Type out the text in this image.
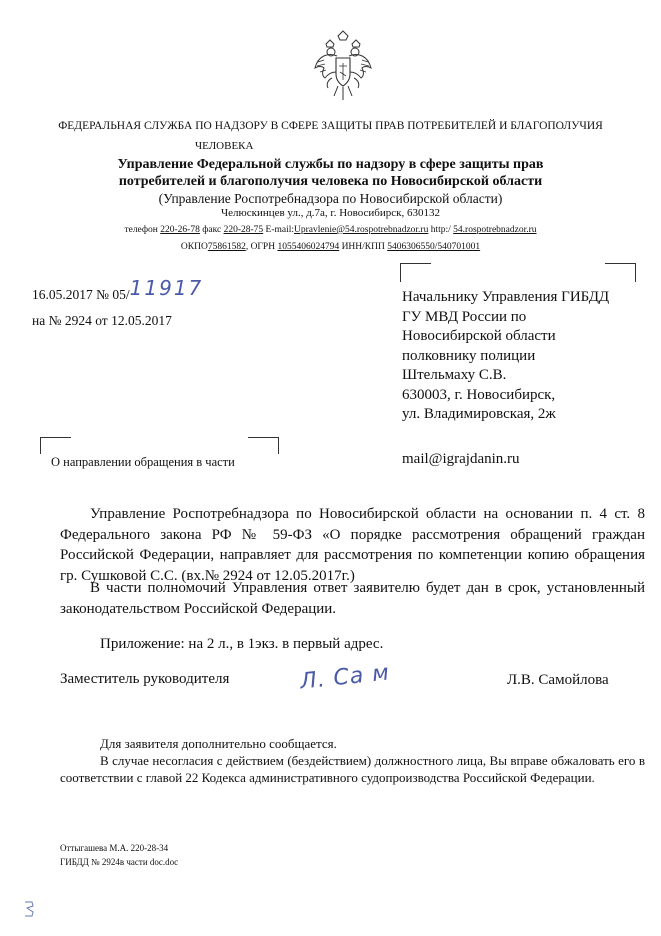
ФЕДЕРАЛЬНАЯ СЛУЖБА ПО НАДЗОРУ В СФЕРЕ ЗАЩИТЫ ПРАВ ПОТРЕБИТЕЛЕЙ И БЛАГОПОЛУЧИЯ
ЧЕЛОВЕКА
Управление Федеральной службы по надзору в сфере защиты прав
потребителей и благополучия человека по Новосибирской области
(Управление Роспотребнадзора по Новосибирской области)
Челюскинцев ул., д.7а, г. Новосибирск, 630132
телефон 220-26-78 факс 220-28-75 E-mail:Upravlenie@54.rospotrebnadzor.ru http:/ 54.rospotrebnadzor.ru
ОКПО75861582, ОГРН 1055406024794 ИНН/КПП 5406306550/540701001
16.05.2017 № 05/11917
на № 2924 от 12.05.2017
Начальнику Управления ГИБДД
ГУ МВД России по
Новосибирской области
полковнику полиции
Штельмаху С.В.
630003, г. Новосибирск,
ул. Владимировская, 2ж
mail@igrajdanin.ru
О направлении обращения в части
Управление Роспотребнадзора по Новосибирской области на основании п. 4 ст. 8 Федерального закона РФ № 59-ФЗ «О порядке рассмотрения обращений граждан Российской Федерации, направляет для рассмотрения по компетенции копию обращения гр. Сушковой С.С. (вх.№ 2924 от 12.05.2017г.)
В части полномочий Управления ответ заявителю будет дан в срок, установленный законодательством Российской Федерации.
Приложение: на 2 л., в 1экз. в первый адрес.
Заместитель руководителя	Л. Са м	Л.В. Самойлова
Для заявителя дополнительно сообщается.
В случае несогласия с действием (бездействием) должностного лица, Вы вправе обжаловать его в соответствии с главой 22 Кодекса административного судопроизводства Российской Федерации.
Оттыгашева М.А. 220-28-34
ГИБДД № 2924в части doc.doc
